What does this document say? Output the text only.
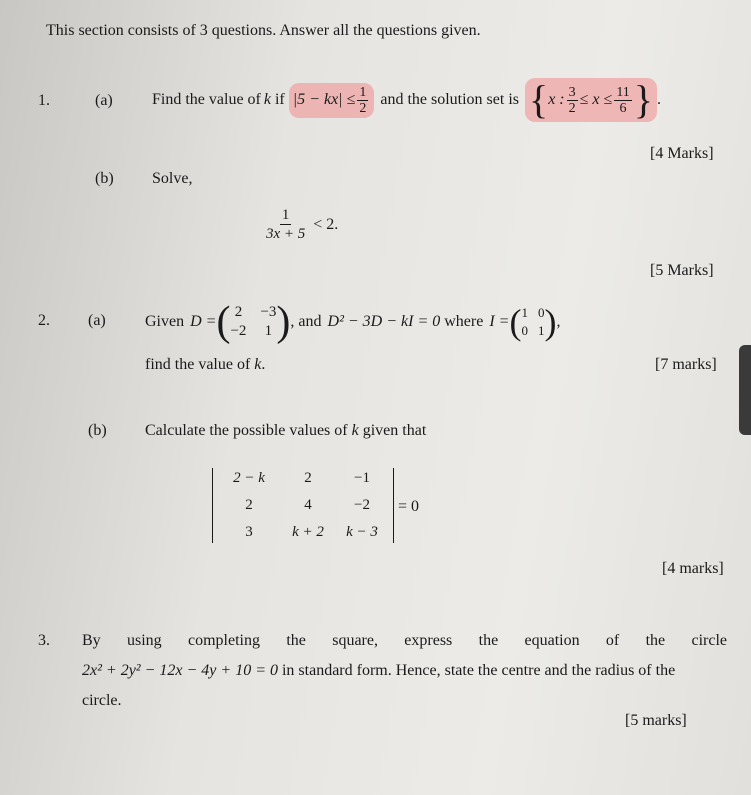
This section consists of 3 questions. Answer all the questions given.
1.	(a) Find the value of k if $|5 - kx| \le \frac{1}{2}$ and the solution set is { x : $\frac{3}{2} \le x \le \frac{11}{6}$ } .
[4 Marks]
(b) Solve,
$\frac{1}{3x + 5} < 2$.
[5 Marks]
2. (a) Given D = ( 2 −3
−2 1 ) , and D² − 3D − kI = 0 where I = ( 1 0
0 1 ) ,
find the value of k.	[7 marks]
(b) Calculate the possible values of k given that
2 − k	2	−1
2	4	−2
3	k + 2	k − 3
= 0
[4 marks]
3. By using completing the square, express the equation of the circle
2x² + 2y² − 12x − 4y + 10 = 0 in standard form. Hence, state the centre and the radius of the
circle.
[5 marks]
